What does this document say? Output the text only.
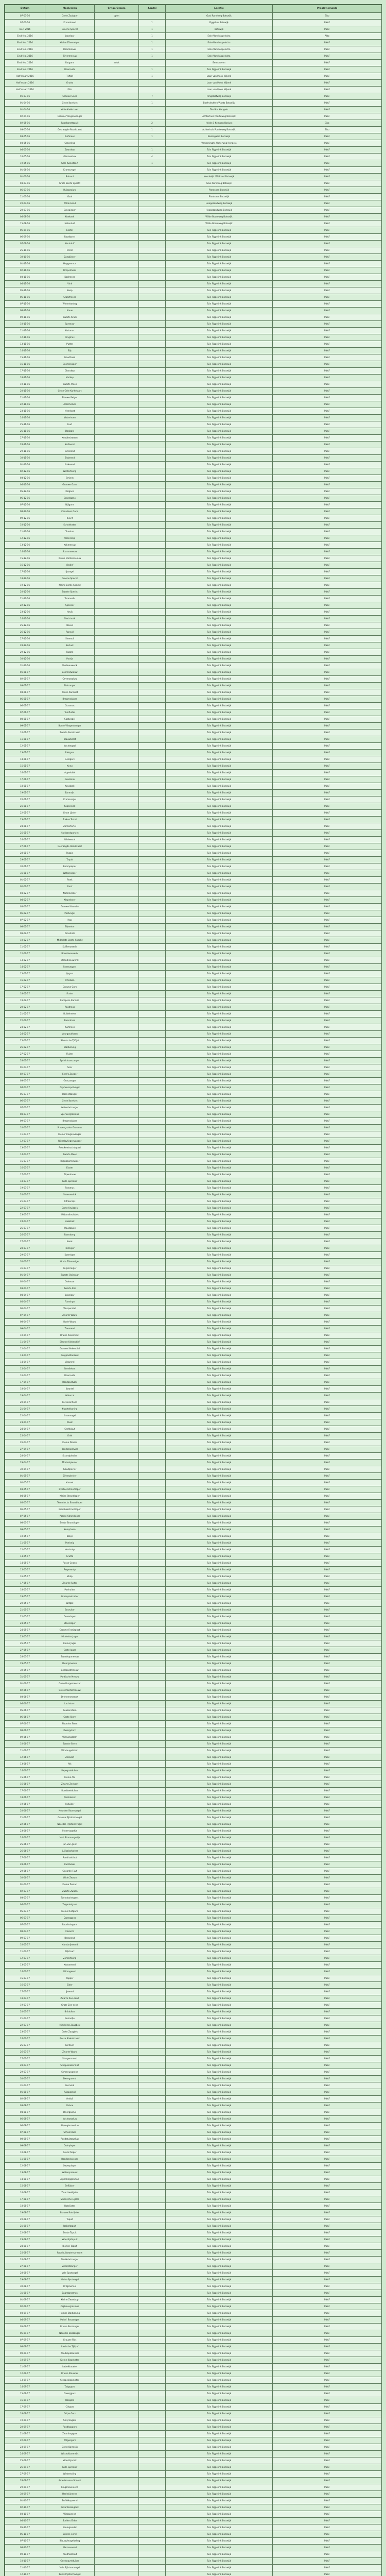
Datum	Mpelvezen	Crnge/Ocsam	Aantal	Locatie	Prestatiemaats
07-03-16	Grote Zaaigter	open		Gooi Rondweg Botswijk	Eiko
07-03-16	Kroonbrood		1	Figgelink Botswijk	PNAF
Dec. 2016	Groene Specht		1	Botswijk	PNAF
Eind feb. 2016	Lepelaar		1	Edo-Aland Appelscha	Aldo
Eind feb. 2016	Kleine Zilverreiger		1	Edo-Aland Appelscha	PNAF
Eind feb. 2016	Boomklever		1	Edo-Aland Appelscha	PNAF
Eind feb. 2016	Zilvermeeuw		1	Edo-Aland Appelscha	PNAF
Eind feb. 2016	Rotgans	adult		Eemshaven	PNAF
Eind feb. 2016	Boomvalk		1	Tuin Figgelink Botswijk	PNAF
Half maart 2016	Tjiftjaf		1	Laan van Mook Nijkerk	PNAF
Half maart 2016	Grutto			Laan van Mook Nijkerk	PNAF
Half maart 2016	Fitis			Laan van Mook Nijkerk	PNAF
01-03-16	Grauwe Gans		7	Ringslootweg Botswijk	PNAF
01-04-16	Grote Karekiet		1	Boekvlechten/Plantz Botswijk	PNAF
01-04-16	Witte Kwikstaart			Ten Bos Hengelo	PNAF
02-04-16	Grauwe Vliegenvanger			Achterhuis Poorteweg Botswijk	PNAF
02-05-16	Roodborsttapuit		2	Heide & Kempen Boslust	Eiko
03-05-16	Gekraagde Roodstaart		1	Achterhuis Poorteweg Botswijk	Eiko
03-05-16	Kuifmees		1	Boomgaard Botswijk	PNAF
03-05-16	Groenling			Verkersinghe Waterweg Hengelo	PNAF
04-05-16	Zwartkop		1	Tuin Figgelink Botswijk	PNAF
16-05-16	Gierzwaluw		4	Tuin Figgelink Botswijk	PNAF
19-05-16	Gele Kwikstaart		1	Tuin Figgelink Botswijk	PNAF
01-06-16	Kramsvogel			Tuin Figgelink Botswijk	PNAF
01-07-16	Buizerd			Noordelijk Wildcard Botswijk	PNAF
03-07-16	Grote Bonte Specht			Gooi Rondweg Botswijk	PNAF
05-07-16	Huiszwaluw			Plantsoen Botswijk	PNAF
11-07-16	Gaai			Plantsoen Botswijk	PNAF
20-07-16	Wilde Eend			Hoogezandweg Botswijk	PNAF
20-07-16	Graspieper			Hoogezandweg Botswijk	PNAF
04-08-16	Koekoek			Wilde Boomweg Botswijk	PNAF
15-08-16	Holenduif			Wilde Boomweg Botswijk	PNAF
06-09-16	Ekster			Tuin Figgelink Botswijk	PNAF
06-09-16	Roodborst			Tuin Figgelink Botswijk	PNAF
07-09-16	Houtduif			Tuin Figgelink Botswijk	PNAF
25-10-16	Merel			Tuin Figgelink Botswijk	PNAF
30-10-16	Zanglijster			Tuin Figgelink Botswijk	PNAF
01-11-16	Heggenmus			Tuin Figgelink Botswijk	PNAF
02-11-16	Pimpelmees			Tuin Figgelink Botswijk	PNAF
03-11-16	Koolmees			Tuin Figgelink Botswijk	PNAF
04-11-16	Vink			Tuin Figgelink Botswijk	PNAF
05-11-16	Keep			Tuin Figgelink Botswijk	PNAF
06-11-16	Staartmees			Tuin Figgelink Botswijk	PNAF
07-11-16	Winterkoning			Tuin Figgelink Botswijk	PNAF
08-11-16	Kauw			Tuin Figgelink Botswijk	PNAF
09-11-16	Zwarte Kraai			Tuin Figgelink Botswijk	PNAF
10-11-16	Spreeuw			Tuin Figgelink Botswijk	PNAF
11-11-16	Huismus			Tuin Figgelink Botswijk	PNAF
12-11-16	Ringmus			Tuin Figgelink Botswijk	PNAF
13-11-16	Putter			Tuin Figgelink Botswijk	PNAF
14-11-16	Sijs			Tuin Figgelink Botswijk	PNAF
15-11-16	Goudhaan			Tuin Figgelink Botswijk	PNAF
16-11-16	Boomkruiper			Tuin Figgelink Botswijk	PNAF
17-11-16	Glanskop			Tuin Figgelink Botswijk	PNAF
18-11-16	Matkop			Tuin Figgelink Botswijk	PNAF
19-11-16	Zwarte Mees			Tuin Figgelink Botswijk	PNAF
20-11-16	Grote Gele Kwikstaart			Tuin Figgelink Botswijk	PNAF
21-11-16	Blauwe Reiger			Tuin Figgelink Botswijk	PNAF
22-11-16	Aalscholver			Tuin Figgelink Botswijk	PNAF
23-11-16	Meerkoet			Tuin Figgelink Botswijk	PNAF
24-11-16	Waterhoen			Tuin Figgelink Botswijk	PNAF
25-11-16	Fuut			Tuin Figgelink Botswijk	PNAF
26-11-16	Dodaars			Tuin Figgelink Botswijk	PNAF
27-11-16	Knobbelzwaan			Tuin Figgelink Botswijk	PNAF
28-11-16	Kuifeend			Tuin Figgelink Botswijk	PNAF
29-11-16	Tafeleend			Tuin Figgelink Botswijk	PNAF
30-11-16	Slobeend			Tuin Figgelink Botswijk	PNAF
01-12-16	Krakeend			Tuin Figgelink Botswijk	PNAF
02-12-16	Wintertaling			Tuin Figgelink Botswijk	PNAF
03-12-16	Smient			Tuin Figgelink Botswijk	PNAF
04-12-16	Grauwe Gans			Tuin Figgelink Botswijk	PNAF
05-12-16	Kolgans			Tuin Figgelink Botswijk	PNAF
06-12-16	Brandgans			Tuin Figgelink Botswijk	PNAF
07-12-16	Nijlgans			Tuin Figgelink Botswijk	PNAF
08-12-16	Canadese Gans			Tuin Figgelink Botswijk	PNAF
09-12-16	Kievit			Tuin Figgelink Botswijk	PNAF
10-12-16	Scholekster			Tuin Figgelink Botswijk	PNAF
11-12-16	Tureluur			Tuin Figgelink Botswijk	PNAF
12-12-16	Watersnip			Tuin Figgelink Botswijk	PNAF
13-12-16	Kokmeeuw			Tuin Figgelink Botswijk	PNAF
14-12-16	Stormmeeuw			Tuin Figgelink Botswijk	PNAF
15-12-16	Kleine Mantelmeeuw			Tuin Figgelink Botswijk	PNAF
16-12-16	Visdief			Tuin Figgelink Botswijk	PNAF
17-12-16	IJsvogel			Tuin Figgelink Botswijk	PNAF
18-12-16	Groene Specht			Tuin Figgelink Botswijk	PNAF
19-12-16	Kleine Bonte Specht			Tuin Figgelink Botswijk	PNAF
20-12-16	Zwarte Specht			Tuin Figgelink Botswijk	PNAF
21-12-16	Torenvalk			Tuin Figgelink Botswijk	PNAF
22-12-16	Sperwer			Tuin Figgelink Botswijk	PNAF
23-12-16	Havik			Tuin Figgelink Botswijk	PNAF
24-12-16	Slechtvalk			Tuin Figgelink Botswijk	PNAF
25-12-16	Bosuil			Tuin Figgelink Botswijk	PNAF
26-12-16	Ransuil			Tuin Figgelink Botswijk	PNAF
27-12-16	Steenuil			Tuin Figgelink Botswijk	PNAF
28-12-16	Kerkuil			Tuin Figgelink Botswijk	PNAF
29-12-16	Fazant			Tuin Figgelink Botswijk	PNAF
30-12-16	Patrijs			Tuin Figgelink Botswijk	PNAF
31-12-16	Veldleeuwerik			Tuin Figgelink Botswijk	PNAF
01-01-17	Boerenzwaluw			Tuin Figgelink Botswijk	PNAF
02-01-17	Oeverzwaluw			Tuin Figgelink Botswijk	PNAF
03-01-17	Rietzanger			Tuin Figgelink Botswijk	PNAF
04-01-17	Kleine Karekiet			Tuin Figgelink Botswijk	PNAF
05-01-17	Braamsluiper			Tuin Figgelink Botswijk	PNAF
06-01-17	Grasmus			Tuin Figgelink Botswijk	PNAF
07-01-17	Tuinfluiter			Tuin Figgelink Botswijk	PNAF
08-01-17	Spotvogel			Tuin Figgelink Botswijk	PNAF
09-01-17	Bonte Vliegenvanger			Tuin Figgelink Botswijk	PNAF
10-01-17	Zwarte Roodstaart			Tuin Figgelink Botswijk	PNAF
11-01-17	Blauwborst			Tuin Figgelink Botswijk	PNAF
12-01-17	Nachtegaal			Tuin Figgelink Botswijk	PNAF
13-01-17	Rietgors			Tuin Figgelink Botswijk	PNAF
14-01-17	Geelgors			Tuin Figgelink Botswijk	PNAF
15-01-17	Kneu			Tuin Figgelink Botswijk	PNAF
16-01-17	Appelvink			Tuin Figgelink Botswijk	PNAF
17-01-17	Goudvink			Tuin Figgelink Botswijk	PNAF
18-01-17	Kruisbek			Tuin Figgelink Botswijk	PNAF
19-01-17	Barmsijs			Tuin Figgelink Botswijk	PNAF
20-01-17	Kramsvogel			Tuin Figgelink Botswijk	PNAF
21-01-17	Koperwiek			Tuin Figgelink Botswijk	PNAF
22-01-17	Grote Lijster			Tuin Figgelink Botswijk	PNAF
23-01-17	Turkse Tortel			Tuin Figgelink Botswijk	PNAF
24-01-17	Zomertortel			Tuin Figgelink Botswijk	PNAF
25-01-17	Halsbandparkiet			Tuin Figgelink Botswijk	PNAF
26-01-17	Wielewaal			Tuin Figgelink Botswijk	PNAF
27-01-17	Gekraagde Roodstaart			Tuin Figgelink Botswijk	PNAF
28-01-17	Paapje			Tuin Figgelink Botswijk	PNAF
29-01-17	Tapuit			Tuin Figgelink Botswijk	PNAF
30-01-17	Boompieper			Tuin Figgelink Botswijk	PNAF
31-01-17	Waterpieper			Tuin Figgelink Botswijk	PNAF
01-02-17	Roek			Tuin Figgelink Botswijk	PNAF
02-02-17	Raaf			Tuin Figgelink Botswijk	PNAF
03-02-17	Notenkraker			Tuin Figgelink Botswijk	PNAF
04-02-17	Klapekster			Tuin Figgelink Botswijk	PNAF
05-02-17	Grauwe Klauwier			Tuin Figgelink Botswijk	PNAF
06-02-17	Pestvogel			Tuin Figgelink Botswijk	PNAF
07-02-17	Hop			Tuin Figgelink Botswijk	PNAF
08-02-17	Bijeneter			Tuin Figgelink Botswijk	PNAF
09-02-17	Draaihals			Tuin Figgelink Botswijk	PNAF
10-02-17	Middelste Bonte Specht			Tuin Figgelink Botswijk	PNAF
11-02-17	Kuifleeuwerik			Tuin Figgelink Botswijk	PNAF
12-02-17	Boomleeuwerik			Tuin Figgelink Botswijk	PNAF
13-02-17	Strandleeuwerik			Tuin Figgelink Botswijk	PNAF
14-02-17	Sneeuwgors			Tuin Figgelink Botswijk	PNAF
15-02-17	IJsgors			Tuin Figgelink Botswijk	PNAF
16-02-17	Ortolaan			Tuin Figgelink Botswijk	PNAF
17-02-17	Grauwe Gors			Tuin Figgelink Botswijk	PNAF
18-02-17	Frater			Tuin Figgelink Botswijk	PNAF
19-02-17	Europese Kanarie			Tuin Figgelink Botswijk	PNAF
20-02-17	Roodmus			Tuin Figgelink Botswijk	PNAF
21-02-17	Buidelmees			Tuin Figgelink Botswijk	PNAF
22-02-17	Baardman			Tuin Figgelink Botswijk	PNAF
23-02-17	Kuifmees			Tuin Figgelink Botswijk	PNAF
24-02-17	Vuurgoudhaan			Tuin Figgelink Botswijk	PNAF
25-02-17	Siberische Tjiftjaf			Tuin Figgelink Botswijk	PNAF
26-02-17	Bladkoning			Tuin Figgelink Botswijk	PNAF
27-02-17	Fluiter			Tuin Figgelink Botswijk	PNAF
28-02-17	Sprinkhaanzanger			Tuin Figgelink Botswijk	PNAF
01-03-17	Snor			Tuin Figgelink Botswijk	PNAF
02-03-17	Cetti's Zanger			Tuin Figgelink Botswijk	PNAF
03-03-17	Graszanger			Tuin Figgelink Botswijk	PNAF
04-03-17	Orpheusspotvogel			Tuin Figgelink Botswijk	PNAF
05-03-17	Bosrietzanger			Tuin Figgelink Botswijk	PNAF
06-03-17	Grote Karekiet			Tuin Figgelink Botswijk	PNAF
07-03-17	Waterrietzanger			Tuin Figgelink Botswijk	PNAF
08-03-17	Sperwergrasmus			Tuin Figgelink Botswijk	PNAF
09-03-17	Braamsluiper			Tuin Figgelink Botswijk	PNAF
10-03-17	Provençaalse Grasmus			Tuin Figgelink Botswijk	PNAF
11-03-17	Kleine Vliegenvanger			Tuin Figgelink Botswijk	PNAF
12-03-17	Withalsvliegenvanger			Tuin Figgelink Botswijk	PNAF
13-03-17	Roodkeelnachtegaal			Tuin Figgelink Botswijk	PNAF
14-03-17	Zwarte Mees			Tuin Figgelink Botswijk	PNAF
15-03-17	Taigaboomkruiper			Tuin Figgelink Botswijk	PNAF
16-03-17	Ekster			Tuin Figgelink Botswijk	PNAF
17-03-17	Alpenkauw			Tuin Figgelink Botswijk	PNAF
18-03-17	Roze Spreeuw			Tuin Figgelink Botswijk	PNAF
19-03-17	Rotsmus			Tuin Figgelink Botswijk	PNAF
20-03-17	Sneeuwvink			Tuin Figgelink Botswijk	PNAF
21-03-17	Citroensijs			Tuin Figgelink Botswijk	PNAF
22-03-17	Grote Kruisbek			Tuin Figgelink Botswijk	PNAF
23-03-17	Witbandkruisbek			Tuin Figgelink Botswijk	PNAF
24-03-17	Haakbek			Tuin Figgelink Botswijk	PNAF
25-03-17	Woudaapje			Tuin Figgelink Botswijk	PNAF
26-03-17	Roerdomp			Tuin Figgelink Botswijk	PNAF
27-03-17	Kwak			Tuin Figgelink Botswijk	PNAF
28-03-17	Ralreiger			Tuin Figgelink Botswijk	PNAF
29-03-17	Koereiger			Tuin Figgelink Botswijk	PNAF
30-03-17	Grote Zilverreiger			Tuin Figgelink Botswijk	PNAF
31-03-17	Purperreiger			Tuin Figgelink Botswijk	PNAF
01-04-17	Zwarte Ooievaar			Tuin Figgelink Botswijk	PNAF
02-04-17	Ooievaar			Tuin Figgelink Botswijk	PNAF
03-04-17	Zwarte Ibis			Tuin Figgelink Botswijk	PNAF
04-04-17	Lepelaar			Tuin Figgelink Botswijk	PNAF
05-04-17	Flamingo			Tuin Figgelink Botswijk	PNAF
06-04-17	Wespendief			Tuin Figgelink Botswijk	PNAF
07-04-17	Zwarte Wouw			Tuin Figgelink Botswijk	PNAF
08-04-17	Rode Wouw			Tuin Figgelink Botswijk	PNAF
09-04-17	Zeearend			Tuin Figgelink Botswijk	PNAF
10-04-17	Bruine Kiekendief			Tuin Figgelink Botswijk	PNAF
11-04-17	Blauwe Kiekendief			Tuin Figgelink Botswijk	PNAF
12-04-17	Grauwe Kiekendief			Tuin Figgelink Botswijk	PNAF
13-04-17	Ruigpootbuizerd			Tuin Figgelink Botswijk	PNAF
14-04-17	Visarend			Tuin Figgelink Botswijk	PNAF
15-04-17	Smelleken			Tuin Figgelink Botswijk	PNAF
16-04-17	Boomvalk			Tuin Figgelink Botswijk	PNAF
17-04-17	Roodpootvalk			Tuin Figgelink Botswijk	PNAF
18-04-17	Kwartel			Tuin Figgelink Botswijk	PNAF
19-04-17	Waterral			Tuin Figgelink Botswijk	PNAF
20-04-17	Porseleinhoen			Tuin Figgelink Botswijk	PNAF
21-04-17	Kwartelkoning			Tuin Figgelink Botswijk	PNAF
22-04-17	Kraanvogel			Tuin Figgelink Botswijk	PNAF
23-04-17	Kluut			Tuin Figgelink Botswijk	PNAF
24-04-17	Steltkluut			Tuin Figgelink Botswijk	PNAF
25-04-17	Griel			Tuin Figgelink Botswijk	PNAF
26-04-17	Kleine Plevier			Tuin Figgelink Botswijk	PNAF
27-04-17	Bontbekplevier			Tuin Figgelink Botswijk	PNAF
28-04-17	Strandplevier			Tuin Figgelink Botswijk	PNAF
29-04-17	Morinelplevier			Tuin Figgelink Botswijk	PNAF
30-04-17	Goudplevier			Tuin Figgelink Botswijk	PNAF
01-05-17	Zilverplevier			Tuin Figgelink Botswijk	PNAF
02-05-17	Kanoet			Tuin Figgelink Botswijk	PNAF
03-05-17	Drieteenstrandloper			Tuin Figgelink Botswijk	PNAF
04-05-17	Kleine Strandloper			Tuin Figgelink Botswijk	PNAF
05-05-17	Temmincks Strandloper			Tuin Figgelink Botswijk	PNAF
06-05-17	Krombekstrandloper			Tuin Figgelink Botswijk	PNAF
07-05-17	Paarse Strandloper			Tuin Figgelink Botswijk	PNAF
08-05-17	Bonte Strandloper			Tuin Figgelink Botswijk	PNAF
09-05-17	Kemphaan			Tuin Figgelink Botswijk	PNAF
10-05-17	Bokje			Tuin Figgelink Botswijk	PNAF
11-05-17	Poelsnip			Tuin Figgelink Botswijk	PNAF
12-05-17	Houtsnip			Tuin Figgelink Botswijk	PNAF
13-05-17	Grutto			Tuin Figgelink Botswijk	PNAF
14-05-17	Rosse Grutto			Tuin Figgelink Botswijk	PNAF
15-05-17	Regenwulp			Tuin Figgelink Botswijk	PNAF
16-05-17	Wulp			Tuin Figgelink Botswijk	PNAF
17-05-17	Zwarte Ruiter			Tuin Figgelink Botswijk	PNAF
18-05-17	Poelruiter			Tuin Figgelink Botswijk	PNAF
19-05-17	Groenpootruiter			Tuin Figgelink Botswijk	PNAF
20-05-17	Witgat			Tuin Figgelink Botswijk	PNAF
21-05-17	Bosruiter			Tuin Figgelink Botswijk	PNAF
22-05-17	Oeverloper			Tuin Figgelink Botswijk	PNAF
23-05-17	Steenloper			Tuin Figgelink Botswijk	PNAF
24-05-17	Grauwe Franjepoot			Tuin Figgelink Botswijk	PNAF
25-05-17	Middelste Jager			Tuin Figgelink Botswijk	PNAF
26-05-17	Kleine Jager			Tuin Figgelink Botswijk	PNAF
27-05-17	Grote Jager			Tuin Figgelink Botswijk	PNAF
28-05-17	Zwartkopmeeuw			Tuin Figgelink Botswijk	PNAF
29-05-17	Dwergmeeuw			Tuin Figgelink Botswijk	PNAF
30-05-17	Geelpootmeeuw			Tuin Figgelink Botswijk	PNAF
31-05-17	Pontische Meeuw			Tuin Figgelink Botswijk	PNAF
01-06-17	Grote Burgemeester			Tuin Figgelink Botswijk	PNAF
02-06-17	Grote Mantelmeeuw			Tuin Figgelink Botswijk	PNAF
03-06-17	Drieteenmeeuw			Tuin Figgelink Botswijk	PNAF
04-06-17	Lachstern			Tuin Figgelink Botswijk	PNAF
05-06-17	Reuzenstern			Tuin Figgelink Botswijk	PNAF
06-06-17	Grote Stern			Tuin Figgelink Botswijk	PNAF
07-06-17	Noordse Stern			Tuin Figgelink Botswijk	PNAF
08-06-17	Dwergstern			Tuin Figgelink Botswijk	PNAF
09-06-17	Witwangstern			Tuin Figgelink Botswijk	PNAF
10-06-17	Zwarte Stern			Tuin Figgelink Botswijk	PNAF
11-06-17	Witvleugelstern			Tuin Figgelink Botswijk	PNAF
12-06-17	Zeekoet			Tuin Figgelink Botswijk	PNAF
13-06-17	Alk			Tuin Figgelink Botswijk	PNAF
14-06-17	Papegaaiduiker			Tuin Figgelink Botswijk	PNAF
15-06-17	Kleine Alk			Tuin Figgelink Botswijk	PNAF
16-06-17	Zwarte Zeekoet			Tuin Figgelink Botswijk	PNAF
17-06-17	Roodkeelduiker			Tuin Figgelink Botswijk	PNAF
18-06-17	Parelduiker			Tuin Figgelink Botswijk	PNAF
19-06-17	IJsduiker			Tuin Figgelink Botswijk	PNAF
20-06-17	Noordse Stormvogel			Tuin Figgelink Botswijk	PNAF
21-06-17	Grauwe Pijlstormvogel			Tuin Figgelink Botswijk	PNAF
22-06-17	Noordse Pijlstormvogel			Tuin Figgelink Botswijk	PNAF
23-06-17	Stormvogeltje			Tuin Figgelink Botswijk	PNAF
24-06-17	Vaal Stormvogeltje			Tuin Figgelink Botswijk	PNAF
25-06-17	Jan-van-gent			Tuin Figgelink Botswijk	PNAF
26-06-17	Kuifaalscholver			Tuin Figgelink Botswijk	PNAF
27-06-17	Roodhalsfuut			Tuin Figgelink Botswijk	PNAF
28-06-17	Kuifduiker			Tuin Figgelink Botswijk	PNAF
29-06-17	Geoorde Fuut			Tuin Figgelink Botswijk	PNAF
30-06-17	Wilde Zwaan			Tuin Figgelink Botswijk	PNAF
01-07-17	Kleine Zwaan			Tuin Figgelink Botswijk	PNAF
02-07-17	Zwarte Zwaan			Tuin Figgelink Botswijk	PNAF
03-07-17	Toendrarietgans			Tuin Figgelink Botswijk	PNAF
04-07-17	Taigarietgans			Tuin Figgelink Botswijk	PNAF
05-07-17	Kleine Rietgans			Tuin Figgelink Botswijk	PNAF
06-07-17	Dwerggans			Tuin Figgelink Botswijk	PNAF
07-07-17	Roodhalsgans			Tuin Figgelink Botswijk	PNAF
08-07-17	Casarca			Tuin Figgelink Botswijk	PNAF
09-07-17	Bergeend			Tuin Figgelink Botswijk	PNAF
10-07-17	Mandarijneend			Tuin Figgelink Botswijk	PNAF
11-07-17	Pijlstaart			Tuin Figgelink Botswijk	PNAF
12-07-17	Zomertaling			Tuin Figgelink Botswijk	PNAF
13-07-17	Krooneend			Tuin Figgelink Botswijk	PNAF
14-07-17	Witoogeend			Tuin Figgelink Botswijk	PNAF
15-07-17	Topper			Tuin Figgelink Botswijk	PNAF
16-07-17	Eider			Tuin Figgelink Botswijk	PNAF
17-07-17	IJseend			Tuin Figgelink Botswijk	PNAF
18-07-17	Zwarte Zee-eend			Tuin Figgelink Botswijk	PNAF
19-07-17	Grote Zee-eend			Tuin Figgelink Botswijk	PNAF
20-07-17	Brilduiker			Tuin Figgelink Botswijk	PNAF
21-07-17	Nonnetje			Tuin Figgelink Botswijk	PNAF
22-07-17	Middelste Zaagbek			Tuin Figgelink Botswijk	PNAF
23-07-17	Grote Zaagbek			Tuin Figgelink Botswijk	PNAF
24-07-17	Rosse Stekelstaart			Tuin Figgelink Botswijk	PNAF
25-07-17	Korhoen			Tuin Figgelink Botswijk	PNAF
26-07-17	Zwarte Wouw			Tuin Figgelink Botswijk	PNAF
27-07-17	Slangenarend			Tuin Figgelink Botswijk	PNAF
28-07-17	Steppekiekendief			Tuin Figgelink Botswijk	PNAF
29-07-17	Schreeuwarend			Tuin Figgelink Botswijk	PNAF
30-07-17	Dwergarend			Tuin Figgelink Botswijk	PNAF
31-07-17	Giervalk			Tuin Figgelink Botswijk	PNAF
01-08-17	Ruigpootuil			Tuin Figgelink Botswijk	PNAF
02-08-17	Velduil			Tuin Figgelink Botswijk	PNAF
03-08-17	Oehoe			Tuin Figgelink Botswijk	PNAF
04-08-17	Dwergooruil			Tuin Figgelink Botswijk	PNAF
05-08-17	Nachtzwaluw			Tuin Figgelink Botswijk	PNAF
06-08-17	Alpengierzwaluw			Tuin Figgelink Botswijk	PNAF
07-08-17	Scharrelaar			Tuin Figgelink Botswijk	PNAF
08-08-17	Roodstuitzwaluw			Tuin Figgelink Botswijk	PNAF
09-08-17	Duinpieper			Tuin Figgelink Botswijk	PNAF
10-08-17	Grote Pieper			Tuin Figgelink Botswijk	PNAF
11-08-17	Roodkeelpieper			Tuin Figgelink Botswijk	PNAF
12-08-17	Oeverpieper			Tuin Figgelink Botswijk	PNAF
13-08-17	Waterspreeuw			Tuin Figgelink Botswijk	PNAF
14-08-17	Alpenheggenmus			Tuin Figgelink Botswijk	PNAF
15-08-17	Beflijster			Tuin Figgelink Botswijk	PNAF
16-08-17	Zwartkeellijster			Tuin Figgelink Botswijk	PNAF
17-08-17	Siberische Lijster			Tuin Figgelink Botswijk	PNAF
18-08-17	Rotslijster			Tuin Figgelink Botswijk	PNAF
19-08-17	Blauwe Rotslijster			Tuin Figgelink Botswijk	PNAF
20-08-17	Tapuit			Tuin Figgelink Botswijk	PNAF
21-08-17	Izabeltapuit			Tuin Figgelink Botswijk	PNAF
22-08-17	Bonte Tapuit			Tuin Figgelink Botswijk	PNAF
23-08-17	Woestijntapuit			Tuin Figgelink Botswijk	PNAF
24-08-17	Blonde Tapuit			Tuin Figgelink Botswijk	PNAF
25-08-17	Roodbuikwaterspreeuw			Tuin Figgelink Botswijk	PNAF
26-08-17	Struikrietzanger			Tuin Figgelink Botswijk	PNAF
27-08-17	Veldrietzanger			Tuin Figgelink Botswijk	PNAF
28-08-17	Vale Spotvogel			Tuin Figgelink Botswijk	PNAF
29-08-17	Kleine Spotvogel			Tuin Figgelink Botswijk	PNAF
30-08-17	Brilgrasmus			Tuin Figgelink Botswijk	PNAF
31-08-17	Baardgrasmus			Tuin Figgelink Botswijk	PNAF
01-09-17	Kleine Zwartkop			Tuin Figgelink Botswijk	PNAF
02-09-17	Orpheusgrasmus			Tuin Figgelink Botswijk	PNAF
03-09-17	Humes Bladkoning			Tuin Figgelink Botswijk	PNAF
04-09-17	Pallas' Boszanger			Tuin Figgelink Botswijk	PNAF
05-09-17	Bruine Boszanger			Tuin Figgelink Botswijk	PNAF
06-09-17	Noordse Boszanger			Tuin Figgelink Botswijk	PNAF
07-09-17	Grauwe Fitis			Tuin Figgelink Botswijk	PNAF
08-09-17	Iberische Tjiftjaf			Tuin Figgelink Botswijk	PNAF
09-09-17	Roodkopklauwier			Tuin Figgelink Botswijk	PNAF
10-09-17	Kleine Klapekster			Tuin Figgelink Botswijk	PNAF
11-09-17	Isabelklauwier			Tuin Figgelink Botswijk	PNAF
12-09-17	Bruine Klauwier			Tuin Figgelink Botswijk	PNAF
13-09-17	Steppeklapekster			Tuin Figgelink Botswijk	PNAF
14-09-17	Taigagors			Tuin Figgelink Botswijk	PNAF
15-09-17	Dwerggors			Tuin Figgelink Botswijk	PNAF
16-09-17	Bosgors			Tuin Figgelink Botswijk	PNAF
17-09-17	Cirlgors			Tuin Figgelink Botswijk	PNAF
18-09-17	Grijze Gors			Tuin Figgelink Botswijk	PNAF
19-09-17	Smyrnagors			Tuin Figgelink Botswijk	PNAF
20-09-17	Roodkopgors			Tuin Figgelink Botswijk	PNAF
21-09-17	Zwartkopgors			Tuin Figgelink Botswijk	PNAF
22-09-17	Wilgengors			Tuin Figgelink Botswijk	PNAF
23-09-17	Grote Barmsijs			Tuin Figgelink Botswijk	PNAF
24-09-17	Witstuitbarmsijs			Tuin Figgelink Botswijk	PNAF
25-09-17	Woestijnvink			Tuin Figgelink Botswijk	PNAF
26-09-17	Roze Spreeuw			Tuin Figgelink Botswijk	PNAF
27-09-17	Wintertaling			Tuin Figgelink Botswijk	PNAF
28-09-17	Amerikaanse Smient			Tuin Figgelink Botswijk	PNAF
29-09-17	Ringsnaveleend			Tuin Figgelink Botswijk	PNAF
30-09-17	Harlekijneend			Tuin Figgelink Botswijk	PNAF
01-10-17	Buffelkopeend			Tuin Figgelink Botswijk	PNAF
02-10-17	Kokardezaagbek			Tuin Figgelink Botswijk	PNAF
03-10-17	Witkopeend			Tuin Figgelink Botswijk	PNAF
04-10-17	Stellers Eider			Tuin Figgelink Botswijk	PNAF
05-10-17	Koningseider			Tuin Figgelink Botswijk	PNAF
06-10-17	Brilzee-eend			Tuin Figgelink Botswijk	PNAF
07-10-17	Blauwvleugeltaling			Tuin Figgelink Botswijk	PNAF
08-10-17	Marmereend			Tuin Figgelink Botswijk	PNAF
09-10-17	Roodhalsfuut			Tuin Figgelink Botswijk	PNAF
10-10-17	Geelsnavelduiker			Tuin Figgelink Botswijk	PNAF
11-10-17	Vale Pijlstormvogel			Tuin Figgelink Botswijk	PNAF
12-10-17	Kuhls Pijlstormvogel			Tuin Figgelink Botswijk	PNAF
